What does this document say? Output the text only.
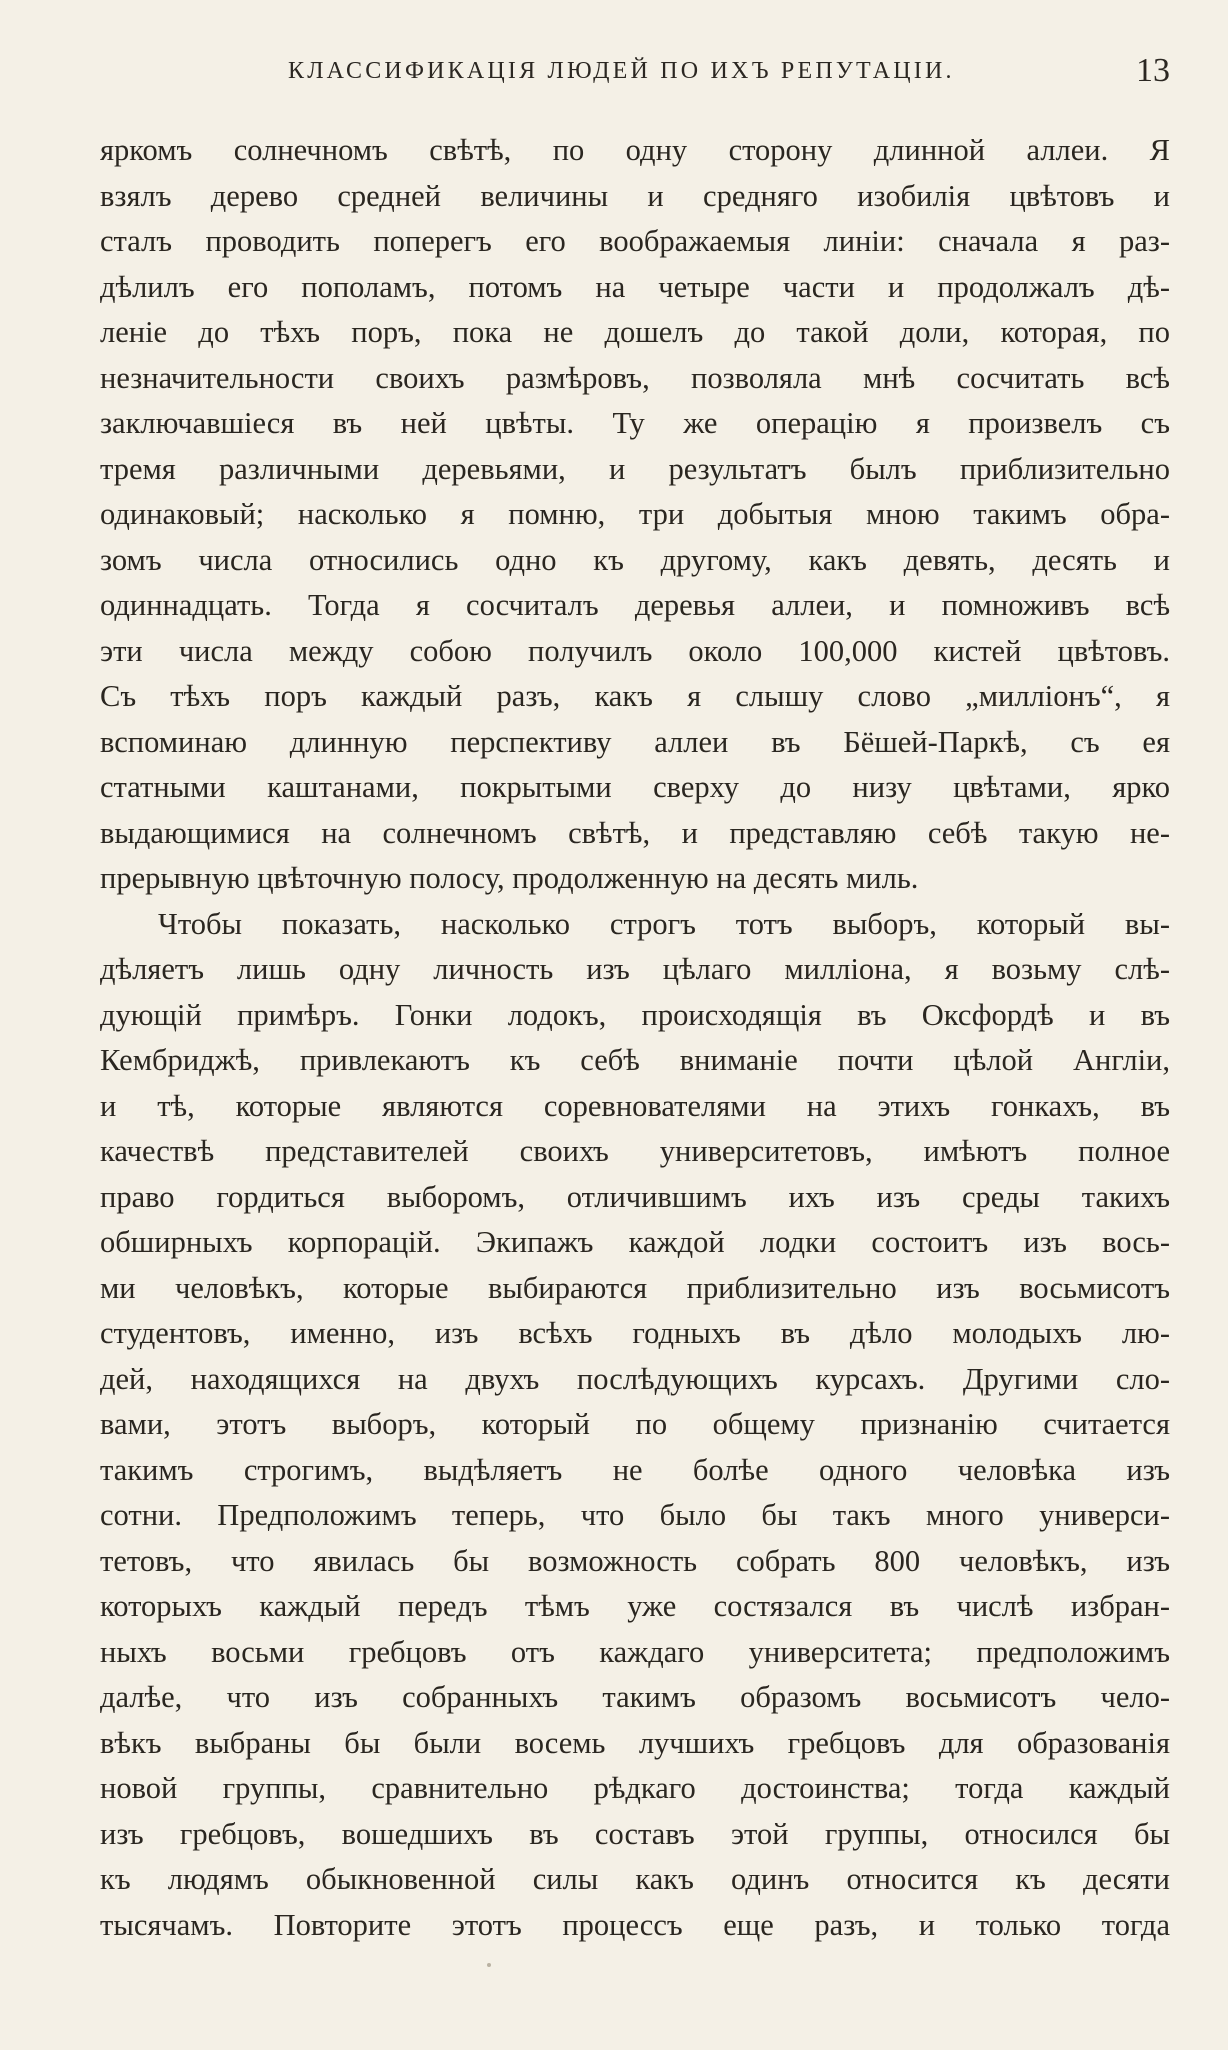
КЛАССИФИКАЦІЯ ЛЮДЕЙ ПО ИХЪ РЕПУТАЦІИ.	13
яркомъ солнечномъ свѣтѣ, по одну сторону длинной аллеи. Я
взялъ дерево средней величины и средняго изобилія цвѣтовъ и
сталъ проводить поперегъ его воображаемыя линіи: сначала я раз-
дѣлилъ его пополамъ, потомъ на четыре части и продолжалъ дѣ-
леніе до тѣхъ поръ, пока не дошелъ до такой доли, которая, по
незначительности своихъ размѣровъ, позволяла мнѣ сосчитать всѣ
заключавшіеся въ ней цвѣты. Ту же операцію я произвелъ съ
тремя различными деревьями, и результатъ былъ приблизительно
одинаковый; насколько я помню, три добытыя мною такимъ обра-
зомъ числа относились одно къ другому, какъ девять, десять и
одиннадцать. Тогда я сосчиталъ деревья аллеи, и помноживъ всѣ
эти числа между собою получилъ около 100,000 кистей цвѣтовъ.
Съ тѣхъ поръ каждый разъ, какъ я слышу слово „милліонъ“, я
вспоминаю длинную перспективу аллеи въ Бёшей-Паркѣ, съ ея
статными каштанами, покрытыми сверху до низу цвѣтами, ярко
выдающимися на солнечномъ свѣтѣ, и представляю себѣ такую не-
прерывную цвѣточную полосу, продолженную на десять миль.
Чтобы показать, насколько строгъ тотъ выборъ, который вы-
дѣляетъ лишь одну личность изъ цѣлаго милліона, я возьму слѣ-
дующій примѣръ. Гонки лодокъ, происходящія въ Оксфордѣ и въ
Кембриджѣ, привлекаютъ къ себѣ вниманіе почти цѣлой Англіи,
и тѣ, которые являются соревнователями на этихъ гонкахъ, въ
качествѣ представителей своихъ университетовъ, имѣютъ полное
право гордиться выборомъ, отличившимъ ихъ изъ среды такихъ
обширныхъ корпорацій. Экипажъ каждой лодки состоитъ изъ вось-
ми человѣкъ, которые выбираются приблизительно изъ восьмисотъ
студентовъ, именно, изъ всѣхъ годныхъ въ дѣло молодыхъ лю-
дей, находящихся на двухъ послѣдующихъ курсахъ. Другими сло-
вами, этотъ выборъ, который по общему признанію считается
такимъ строгимъ, выдѣляетъ не болѣе одного человѣка изъ
сотни. Предположимъ теперь, что было бы такъ много универси-
тетовъ, что явилась бы возможность собрать 800 человѣкъ, изъ
которыхъ каждый передъ тѣмъ уже состязался въ числѣ избран-
ныхъ восьми гребцовъ отъ каждаго университета; предположимъ
далѣе, что изъ собранныхъ такимъ образомъ восьмисотъ чело-
вѣкъ выбраны бы были восемь лучшихъ гребцовъ для образованія
новой группы, сравнительно рѣдкаго достоинства; тогда каждый
изъ гребцовъ, вошедшихъ въ составъ этой группы, относился бы
къ людямъ обыкновенной силы какъ одинъ относится къ десяти
тысячамъ. Повторите этотъ процессъ еще разъ, и только тогда
